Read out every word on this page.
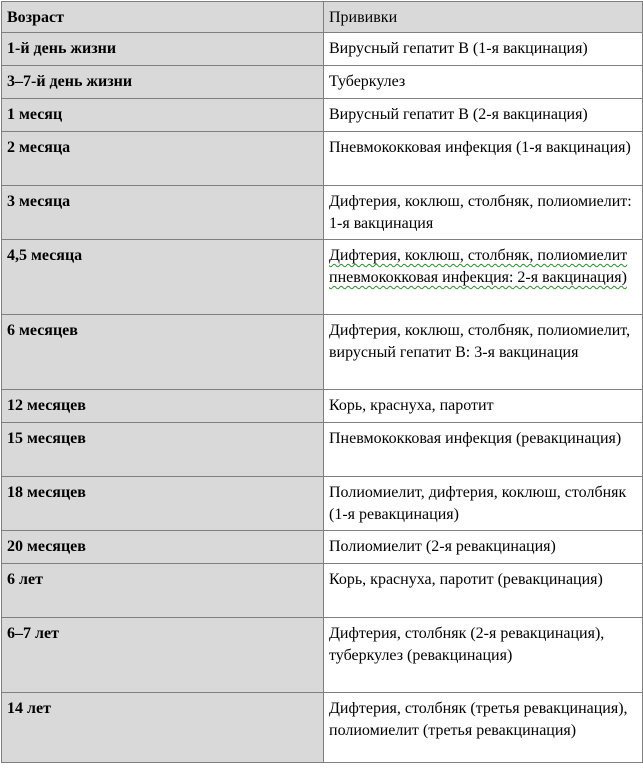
Возраст	Прививки
1-й день жизни	Вирусный гепатит В (1-я вакцинация)
3–7-й день жизни	Туберкулез
1 месяц	Вирусный гепатит В (2-я вакцинация)
2 месяца	Пневмококковая инфекция (1-я вакцинация)
3 месяца	Дифтерия, коклюш, столбняк, полиомиелит: 1-я вакцинация
4,5 месяца	Дифтерия, коклюш, столбняк, полиомиелит пневмококковая инфекция: 2-я вакцинация)
6 месяцев	Дифтерия, коклюш, столбняк, полиомиелит, вирусный гепатит В: 3-я вакцинация
12 месяцев	Корь, краснуха, паротит
15 месяцев	Пневмококковая инфекция (ревакцинация)
18 месяцев	Полиомиелит, дифтерия, коклюш, столбняк (1-я ревакцинация)
20 месяцев	Полиомиелит (2-я ревакцинация)
6 лет	Корь, краснуха, паротит (ревакцинация)
6–7 лет	Дифтерия, столбняк (2-я ревакцинация), туберкулез (ревакцинация)
14 лет	Дифтерия, столбняк (третья ревакцинация), полиомиелит (третья ревакцинация)
